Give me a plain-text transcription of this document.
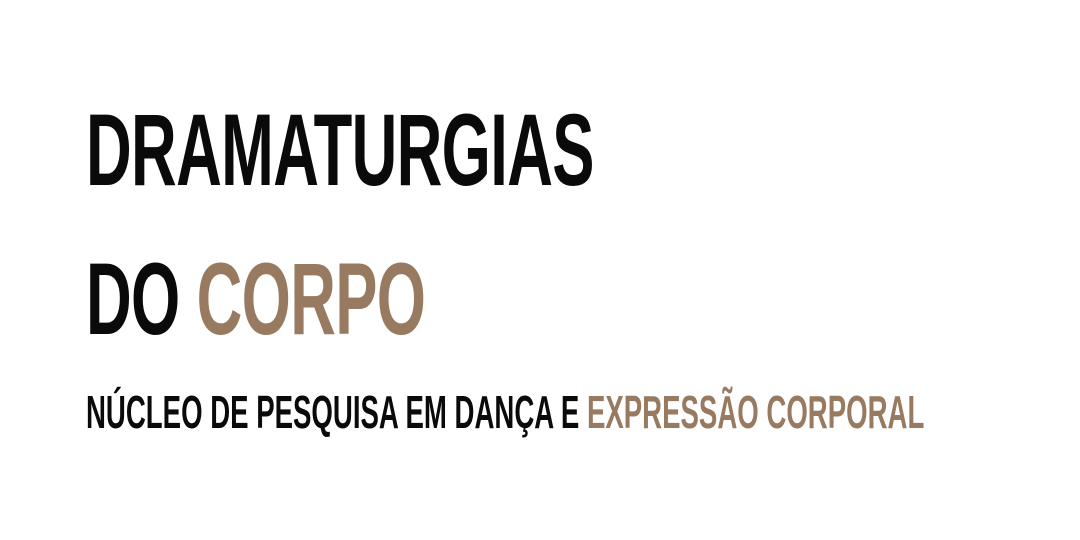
DRAMATURGIAS
DO CORPO
NÚCLEO DE PESQUISA EM DANÇA E EXPRESSÃO CORPORAL
